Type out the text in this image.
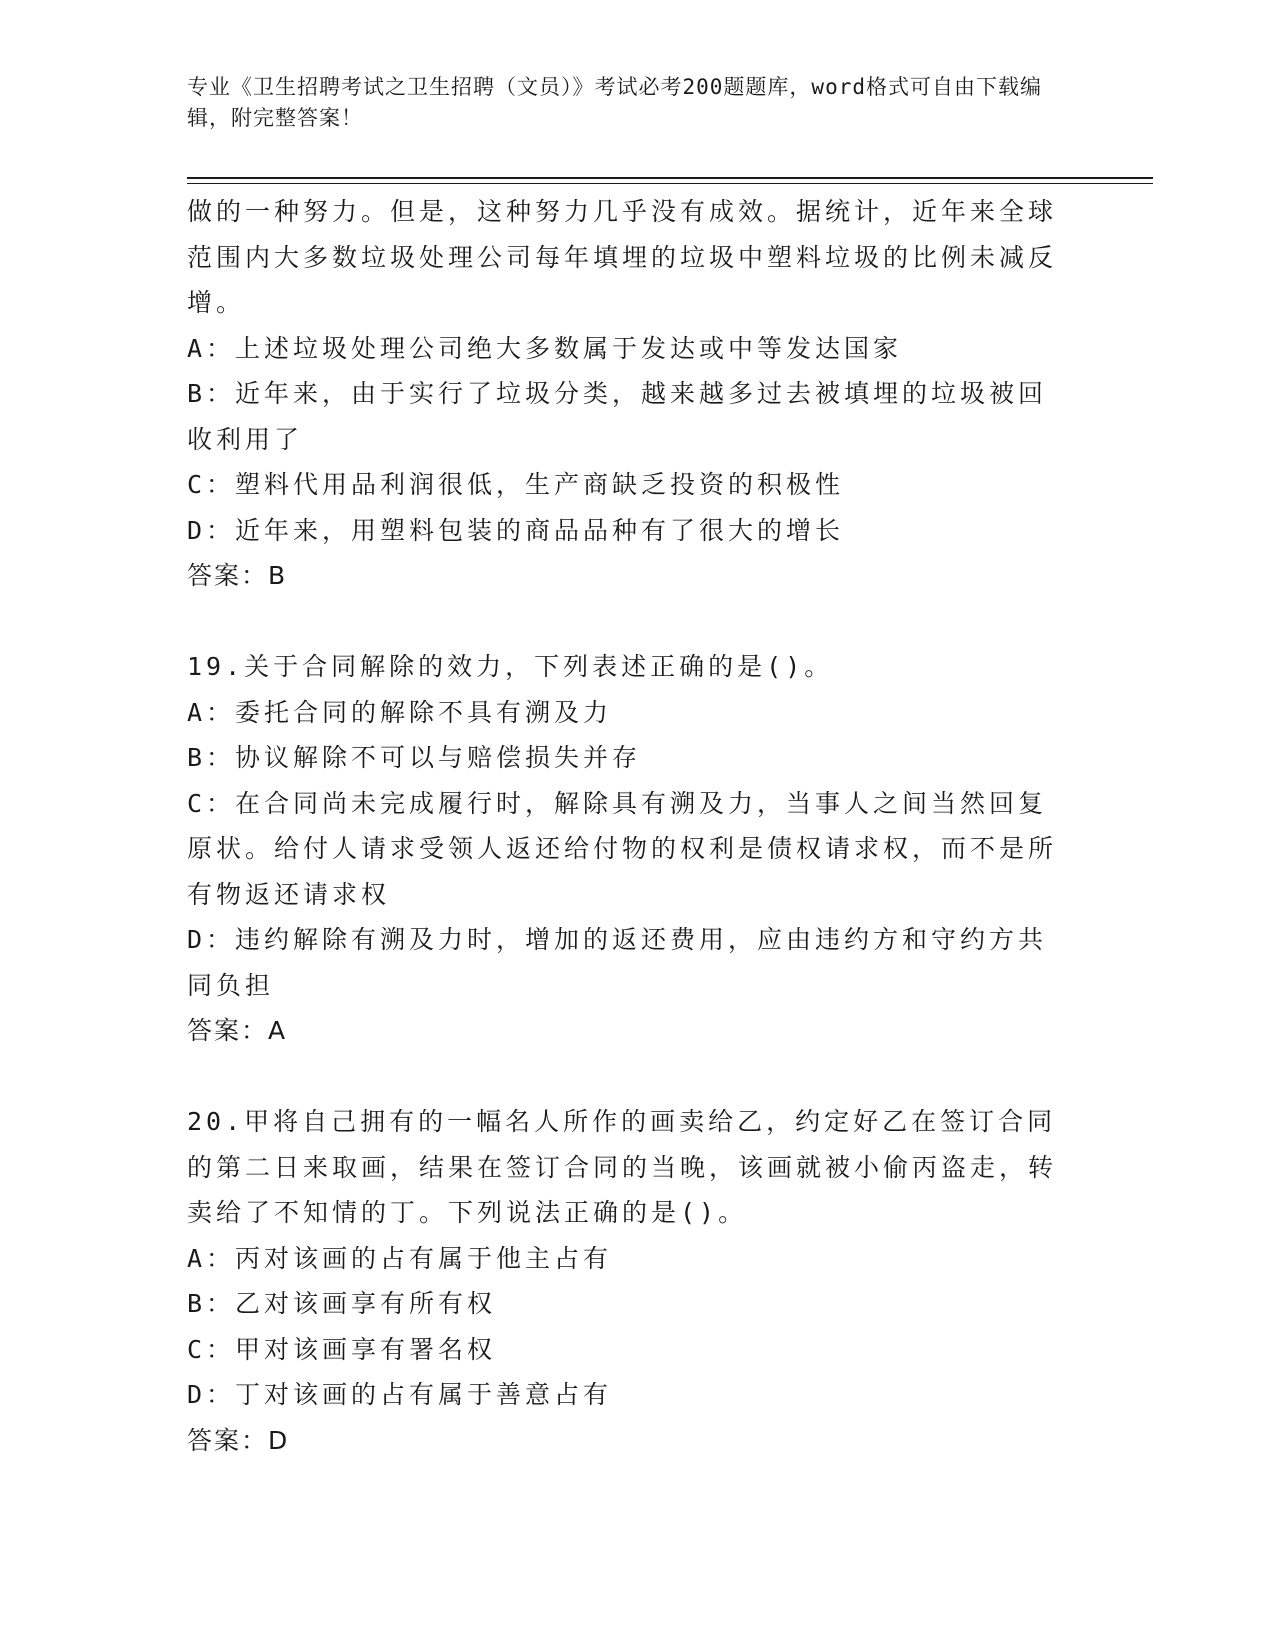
专业《卫生招聘考试之卫生招聘（文员）》考试必考200题题库，word格式可自由下载编辑，附完整答案！

做的一种努力。但是，这种努力几乎没有成效。据统计，近年来全球范围内大多数垃圾处理公司每年填埋的垃圾中塑料垃圾的比例未减反增。

A：上述垃圾处理公司绝大多数属于发达或中等发达国家

B：近年来，由于实行了垃圾分类，越来越多过去被填埋的垃圾被回收利用了

C：塑料代用品利润很低，生产商缺乏投资的积极性

D：近年来，用塑料包装的商品品种有了很大的增长

答案：B

19.关于合同解除的效力，下列表述正确的是()。

A：委托合同的解除不具有溯及力

B：协议解除不可以与赔偿损失并存

C：在合同尚未完成履行时，解除具有溯及力，当事人之间当然回复原状。给付人请求受领人返还给付物的权利是债权请求权，而不是所有物返还请求权

D：违约解除有溯及力时，增加的返还费用，应由违约方和守约方共同负担

答案：A

20.甲将自己拥有的一幅名人所作的画卖给乙，约定好乙在签订合同的第二日来取画，结果在签订合同的当晚，该画就被小偷丙盗走，转卖给了不知情的丁。下列说法正确的是()。

A：丙对该画的占有属于他主占有

B：乙对该画享有所有权

C：甲对该画享有署名权

D：丁对该画的占有属于善意占有

答案：D
